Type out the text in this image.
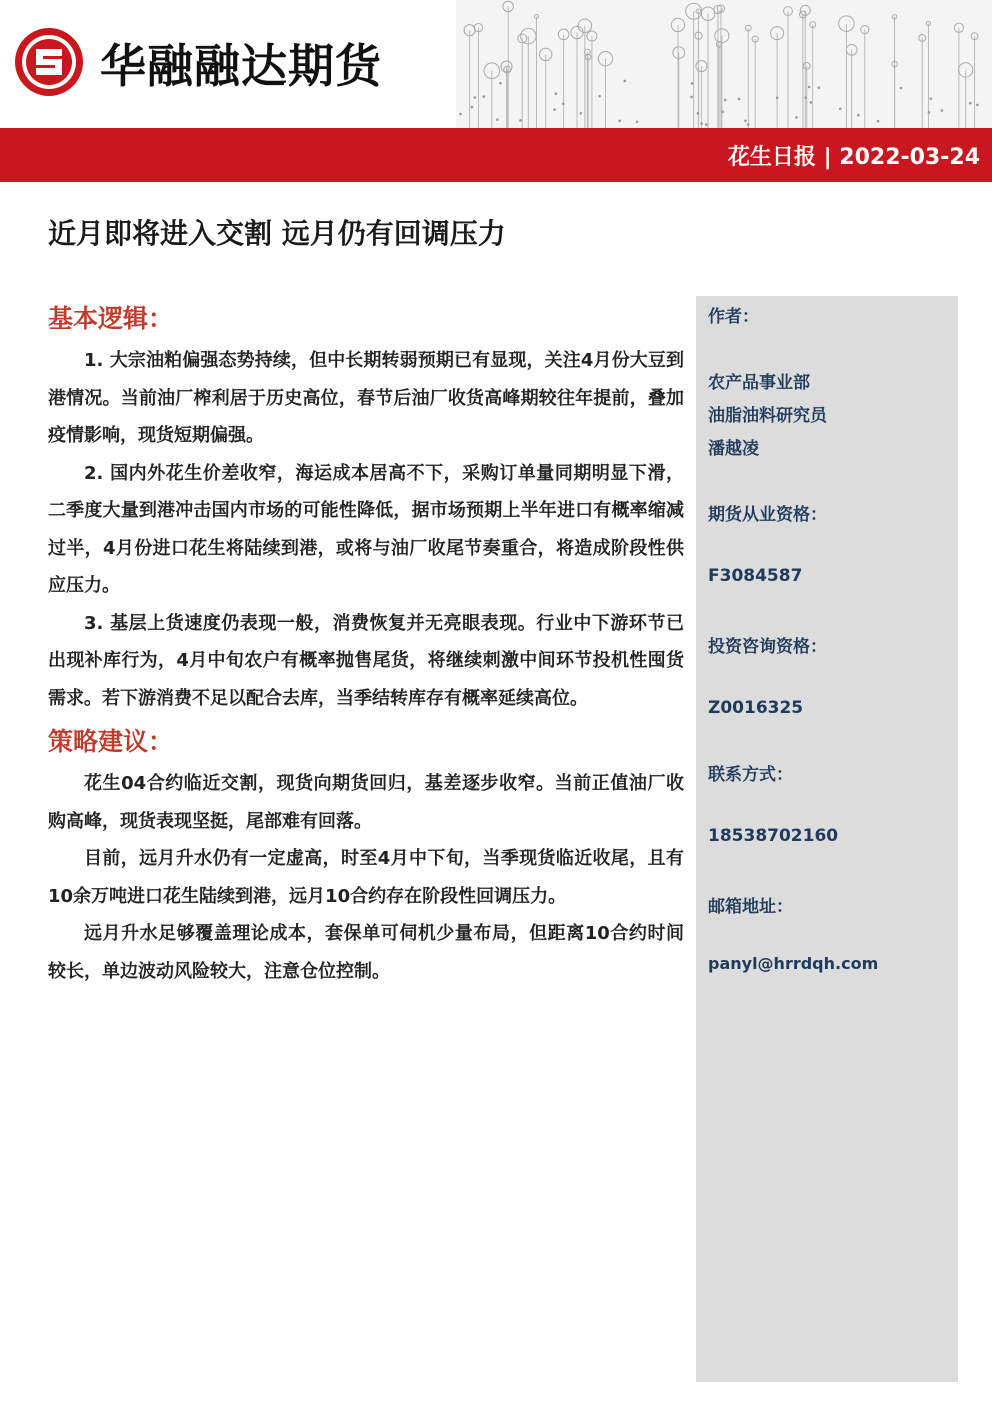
华融融达期货
花生日报 | 2022-03-24
近月即将进入交割 远月仍有回调压力
基本逻辑：

1. 大宗油粕偏强态势持续，但中长期转弱预期已有显现，关注4月份大豆到港情况。当前油厂榨利居于历史高位，春节后油厂收货高峰期较往年提前，叠加疫情影响，现货短期偏强。

2. 国内外花生价差收窄，海运成本居高不下，采购订单量同期明显下滑，二季度大量到港冲击国内市场的可能性降低，据市场预期上半年进口有概率缩减过半，4月份进口花生将陆续到港，或将与油厂收尾节奏重合，将造成阶段性供应压力。

3. 基层上货速度仍表现一般，消费恢复并无亮眼表现。行业中下游环节已出现补库行为，4月中旬农户有概率抛售尾货，将继续刺激中间环节投机性囤货需求。若下游消费不足以配合去库，当季结转库存有概率延续高位。

策略建议：

花生04合约临近交割，现货向期货回归，基差逐步收窄。当前正值油厂收购高峰，现货表现坚挺，尾部难有回落。

目前，远月升水仍有一定虚高，时至4月中下旬，当季现货临近收尾，且有10余万吨进口花生陆续到港，远月10合约存在阶段性回调压力。

远月升水足够覆盖理论成本，套保单可伺机少量布局，但距离10合约时间较长，单边波动风险较大，注意仓位控制。

作者：
农产品事业部
油脂油料研究员
潘越凌
期货从业资格：
F3084587
投资咨询资格：
Z0016325
联系方式：
18538702160
邮箱地址：
panyl@hrrdqh.com
